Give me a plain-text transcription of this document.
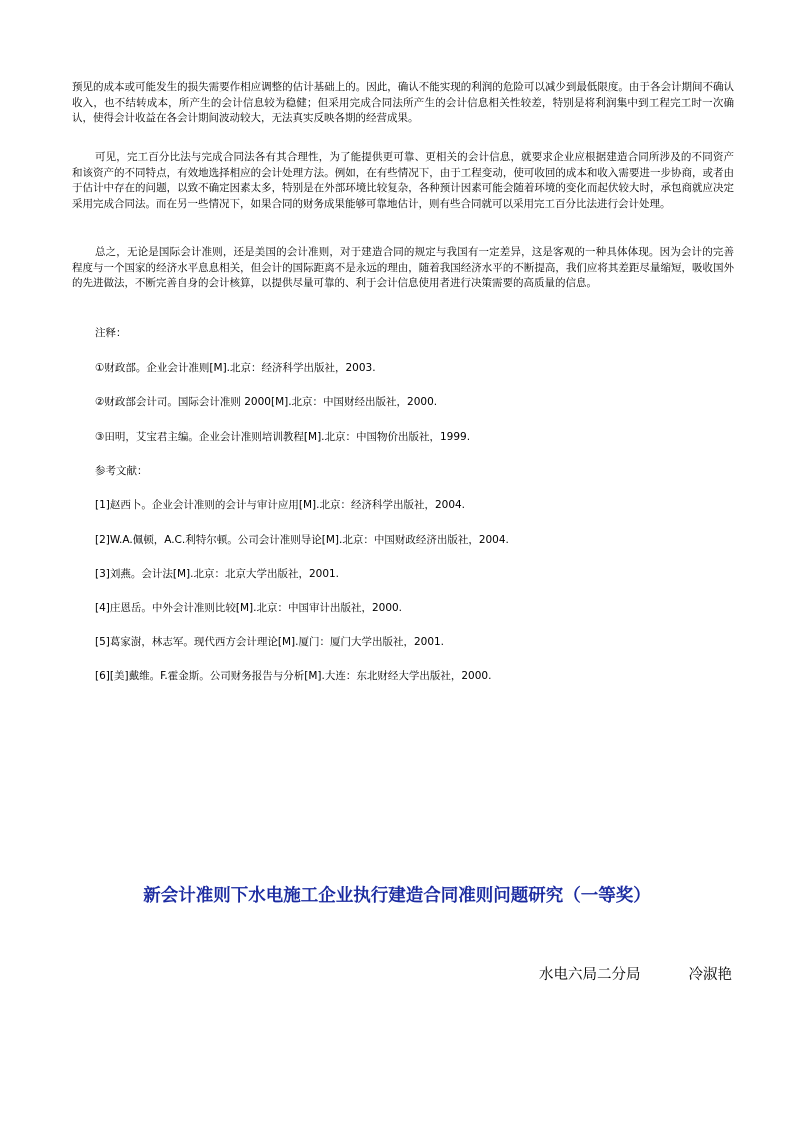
预见的成本或可能发生的损失需要作相应调整的估计基础上的。因此，确认不能实现的利润的危险可以减少到最低限度。由于各会计期间不确认收入，也不结转成本，所产生的会计信息较为稳健；但采用完成合同法所产生的会计信息相关性较差，特别是将利润集中到工程完工时一次确认，使得会计收益在各会计期间波动较大，无法真实反映各期的经营成果。

可见，完工百分比法与完成合同法各有其合理性，为了能提供更可靠、更相关的会计信息，就要求企业应根据建造合同所涉及的不同资产和该资产的不同特点，有效地选择相应的会计处理方法。例如，在有些情况下，由于工程变动，使可收回的成本和收入需要进一步协商，或者由于估计中存在的问题，以致不确定因素太多，特别是在外部环境比较复杂，各种预计因素可能会随着环境的变化而起伏较大时，承包商就应决定采用完成合同法。而在另一些情况下，如果合同的财务成果能够可靠地估计，则有些合同就可以采用完工百分比法进行会计处理。

总之，无论是国际会计准则，还是美国的会计准则，对于建造合同的规定与我国有一定差异，这是客观的一种具体体现。因为会计的完善程度与一个国家的经济水平息息相关，但会计的国际距离不是永远的理由，随着我国经济水平的不断提高，我们应将其差距尽量缩短，吸收国外的先进做法，不断完善自身的会计核算，以提供尽量可靠的、利于会计信息使用者进行决策需要的高质量的信息。

注释：

①财政部。企业会计准则[M].北京：经济科学出版社，2003.

②财政部会计司。国际会计准则 2000[M].北京：中国财经出版社，2000.

③田明，艾宝君主编。企业会计准则培训教程[M].北京：中国物价出版社，1999.

参考文献：

[1]赵西卜。企业会计准则的会计与审计应用[M].北京：经济科学出版社，2004.

[2]W.A.佩顿，A.C.利特尔顿。公司会计准则导论[M].北京：中国财政经济出版社，2004.

[3]刘燕。会计法[M].北京：北京大学出版社，2001.

[4]庄恩岳。中外会计准则比较[M].北京：中国审计出版社，2000.

[5]葛家澍，林志军。现代西方会计理论[M].厦门：厦门大学出版社，2001.

[6][美]戴维。F.霍金斯。公司财务报告与分析[M].大连：东北财经大学出版社，2000.

新会计准则下水电施工企业执行建造合同准则问题研究（一等奖）

水电六局二分局	冷淑艳
